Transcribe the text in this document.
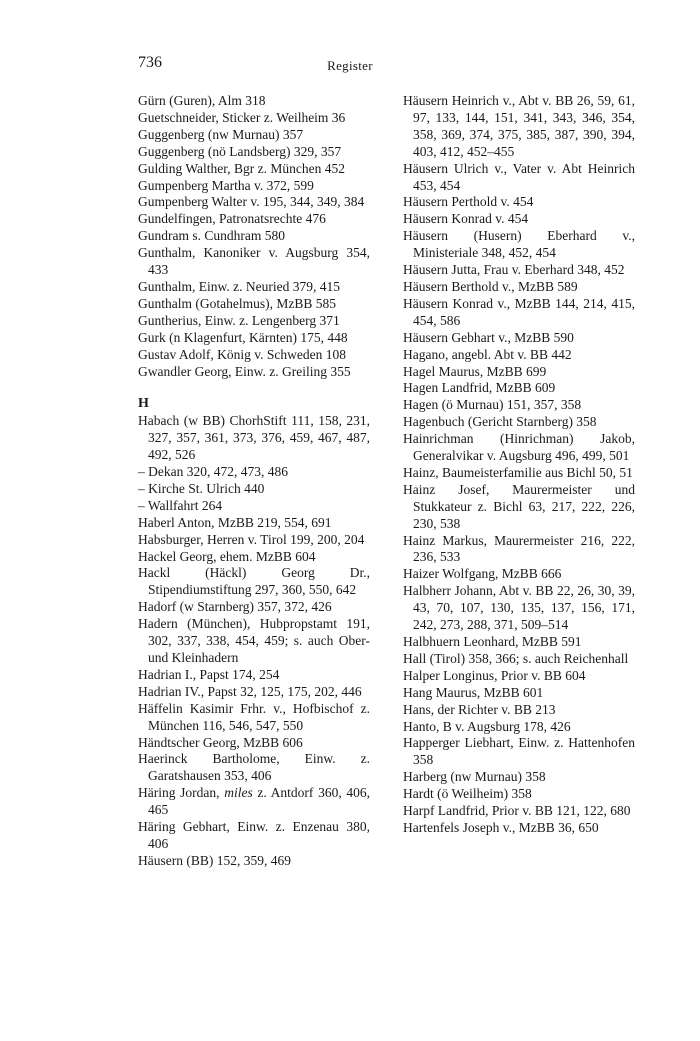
736	Register

Gürn (Guren), Alm 318

Guetschneider, Sticker z. Weilheim 36

Guggenberg (nw Murnau) 357

Guggenberg (nö Landsberg) 329, 357

Gulding Walther, Bgr z. München 452

Gumpenberg Martha v. 372, 599

Gumpenberg Walter v. 195, 344, 349, 384

Gundelfingen, Patronatsrechte 476

Gundram s. Cundhram 580

Gunthalm, Kanoniker v. Augsburg 354, 433

Gunthalm, Einw. z. Neuried 379, 415

Gunthalm (Gotahelmus), MzBB 585

Guntherius, Einw. z. Lengenberg 371

Gurk (n Klagenfurt, Kärnten) 175, 448

Gustav Adolf, König v. Schweden 108

Gwandler Georg, Einw. z. Greiling 355

H

Habach (w BB) ChorhStift 111, 158, 231, 327, 357, 361, 373, 376, 459, 467, 487, 492, 526

– Dekan 320, 472, 473, 486

– Kirche St. Ulrich 440

– Wallfahrt 264

Haberl Anton, MzBB 219, 554, 691

Habsburger, Herren v. Tirol 199, 200, 204

Hackel Georg, ehem. MzBB 604

Hackl (Häckl) Georg Dr., Stipendiumstiftung 297, 360, 550, 642

Hadorf (w Starnberg) 357, 372, 426

Hadern (München), Hubpropstamt 191, 302, 337, 338, 454, 459; s. auch Ober- und Kleinhadern

Hadrian I., Papst 174, 254

Hadrian IV., Papst 32, 125, 175, 202, 446

Häffelin Kasimir Frhr. v., Hofbischof z. München 116, 546, 547, 550

Händtscher Georg, MzBB 606

Haerinck Bartholome, Einw. z. Garatshausen 353, 406

Häring Jordan, miles z. Antdorf 360, 406, 465

Häring Gebhart, Einw. z. Enzenau 380, 406

Häusern (BB) 152, 359, 469

Häusern Heinrich v., Abt v. BB 26, 59, 61, 97, 133, 144, 151, 341, 343, 346, 354, 358, 369, 374, 375, 385, 387, 390, 394, 403, 412, 452–455

Häusern Ulrich v., Vater v. Abt Heinrich 453, 454

Häusern Perthold v. 454

Häusern Konrad v. 454

Häusern (Husern) Eberhard v., Ministeriale 348, 452, 454

Häusern Jutta, Frau v. Eberhard 348, 452

Häusern Berthold v., MzBB 589

Häusern Konrad v., MzBB 144, 214, 415, 454, 586

Häusern Gebhart v., MzBB 590

Hagano, angebl. Abt v. BB 442

Hagel Maurus, MzBB 699

Hagen Landfrid, MzBB 609

Hagen (ö Murnau) 151, 357, 358

Hagenbuch (Gericht Starnberg) 358

Hainrichman (Hinrichman) Jakob, Generalvikar v. Augsburg 496, 499, 501

Hainz, Baumeisterfamilie aus Bichl 50, 51

Hainz Josef, Maurermeister und Stukkateur z. Bichl 63, 217, 222, 226, 230, 538

Hainz Markus, Maurermeister 216, 222, 236, 533

Haizer Wolfgang, MzBB 666

Halbherr Johann, Abt v. BB 22, 26, 30, 39, 43, 70, 107, 130, 135, 137, 156, 171, 242, 273, 288, 371, 509–514

Halbhuern Leonhard, MzBB 591

Hall (Tirol) 358, 366; s. auch Reichenhall

Halper Longinus, Prior v. BB 604

Hang Maurus, MzBB 601

Hans, der Richter v. BB 213

Hanto, B v. Augsburg 178, 426

Happerger Liebhart, Einw. z. Hattenhofen 358

Harberg (nw Murnau) 358

Hardt (ö Weilheim) 358

Harpf Landfrid, Prior v. BB 121, 122, 680

Hartenfels Joseph v., MzBB 36, 650
